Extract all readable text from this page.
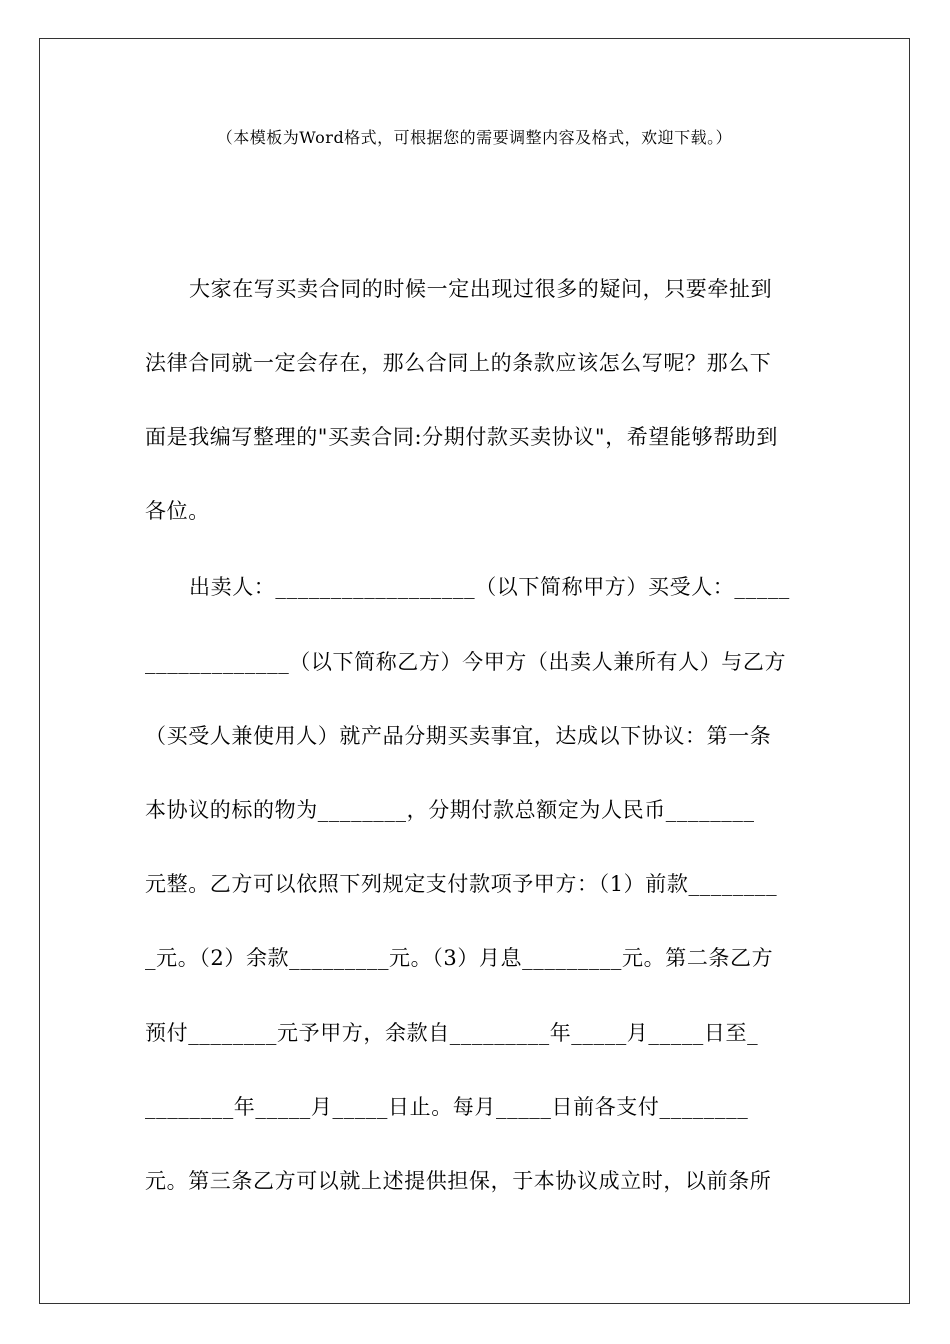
（本模板为Word格式，可根据您的需要调整内容及格式，欢迎下载。）
大家在写买卖合同的时候一定出现过很多的疑问，只要牵扯到
法律合同就一定会存在，那么合同上的条款应该怎么写呢？那么下
面是我编写整理的"买卖合同:分期付款买卖协议"，希望能够帮助到
各位。
出卖人：__________________（以下简称甲方）买受人：_____
_____________（以下简称乙方）今甲方（出卖人兼所有人）与乙方
（买受人兼使用人）就产品分期买卖事宜，达成以下协议：第一条
本协议的标的物为________，分期付款总额定为人民币________
元整。乙方可以依照下列规定支付款项予甲方：（1）前款________
_元。（2）余款_________元。（3）月息_________元。第二条乙方
预付________元予甲方，余款自_________年_____月_____日至_
________年_____月_____日止。每月_____日前各支付________
元。第三条乙方可以就上述提供担保，于本协议成立时，以前条所
